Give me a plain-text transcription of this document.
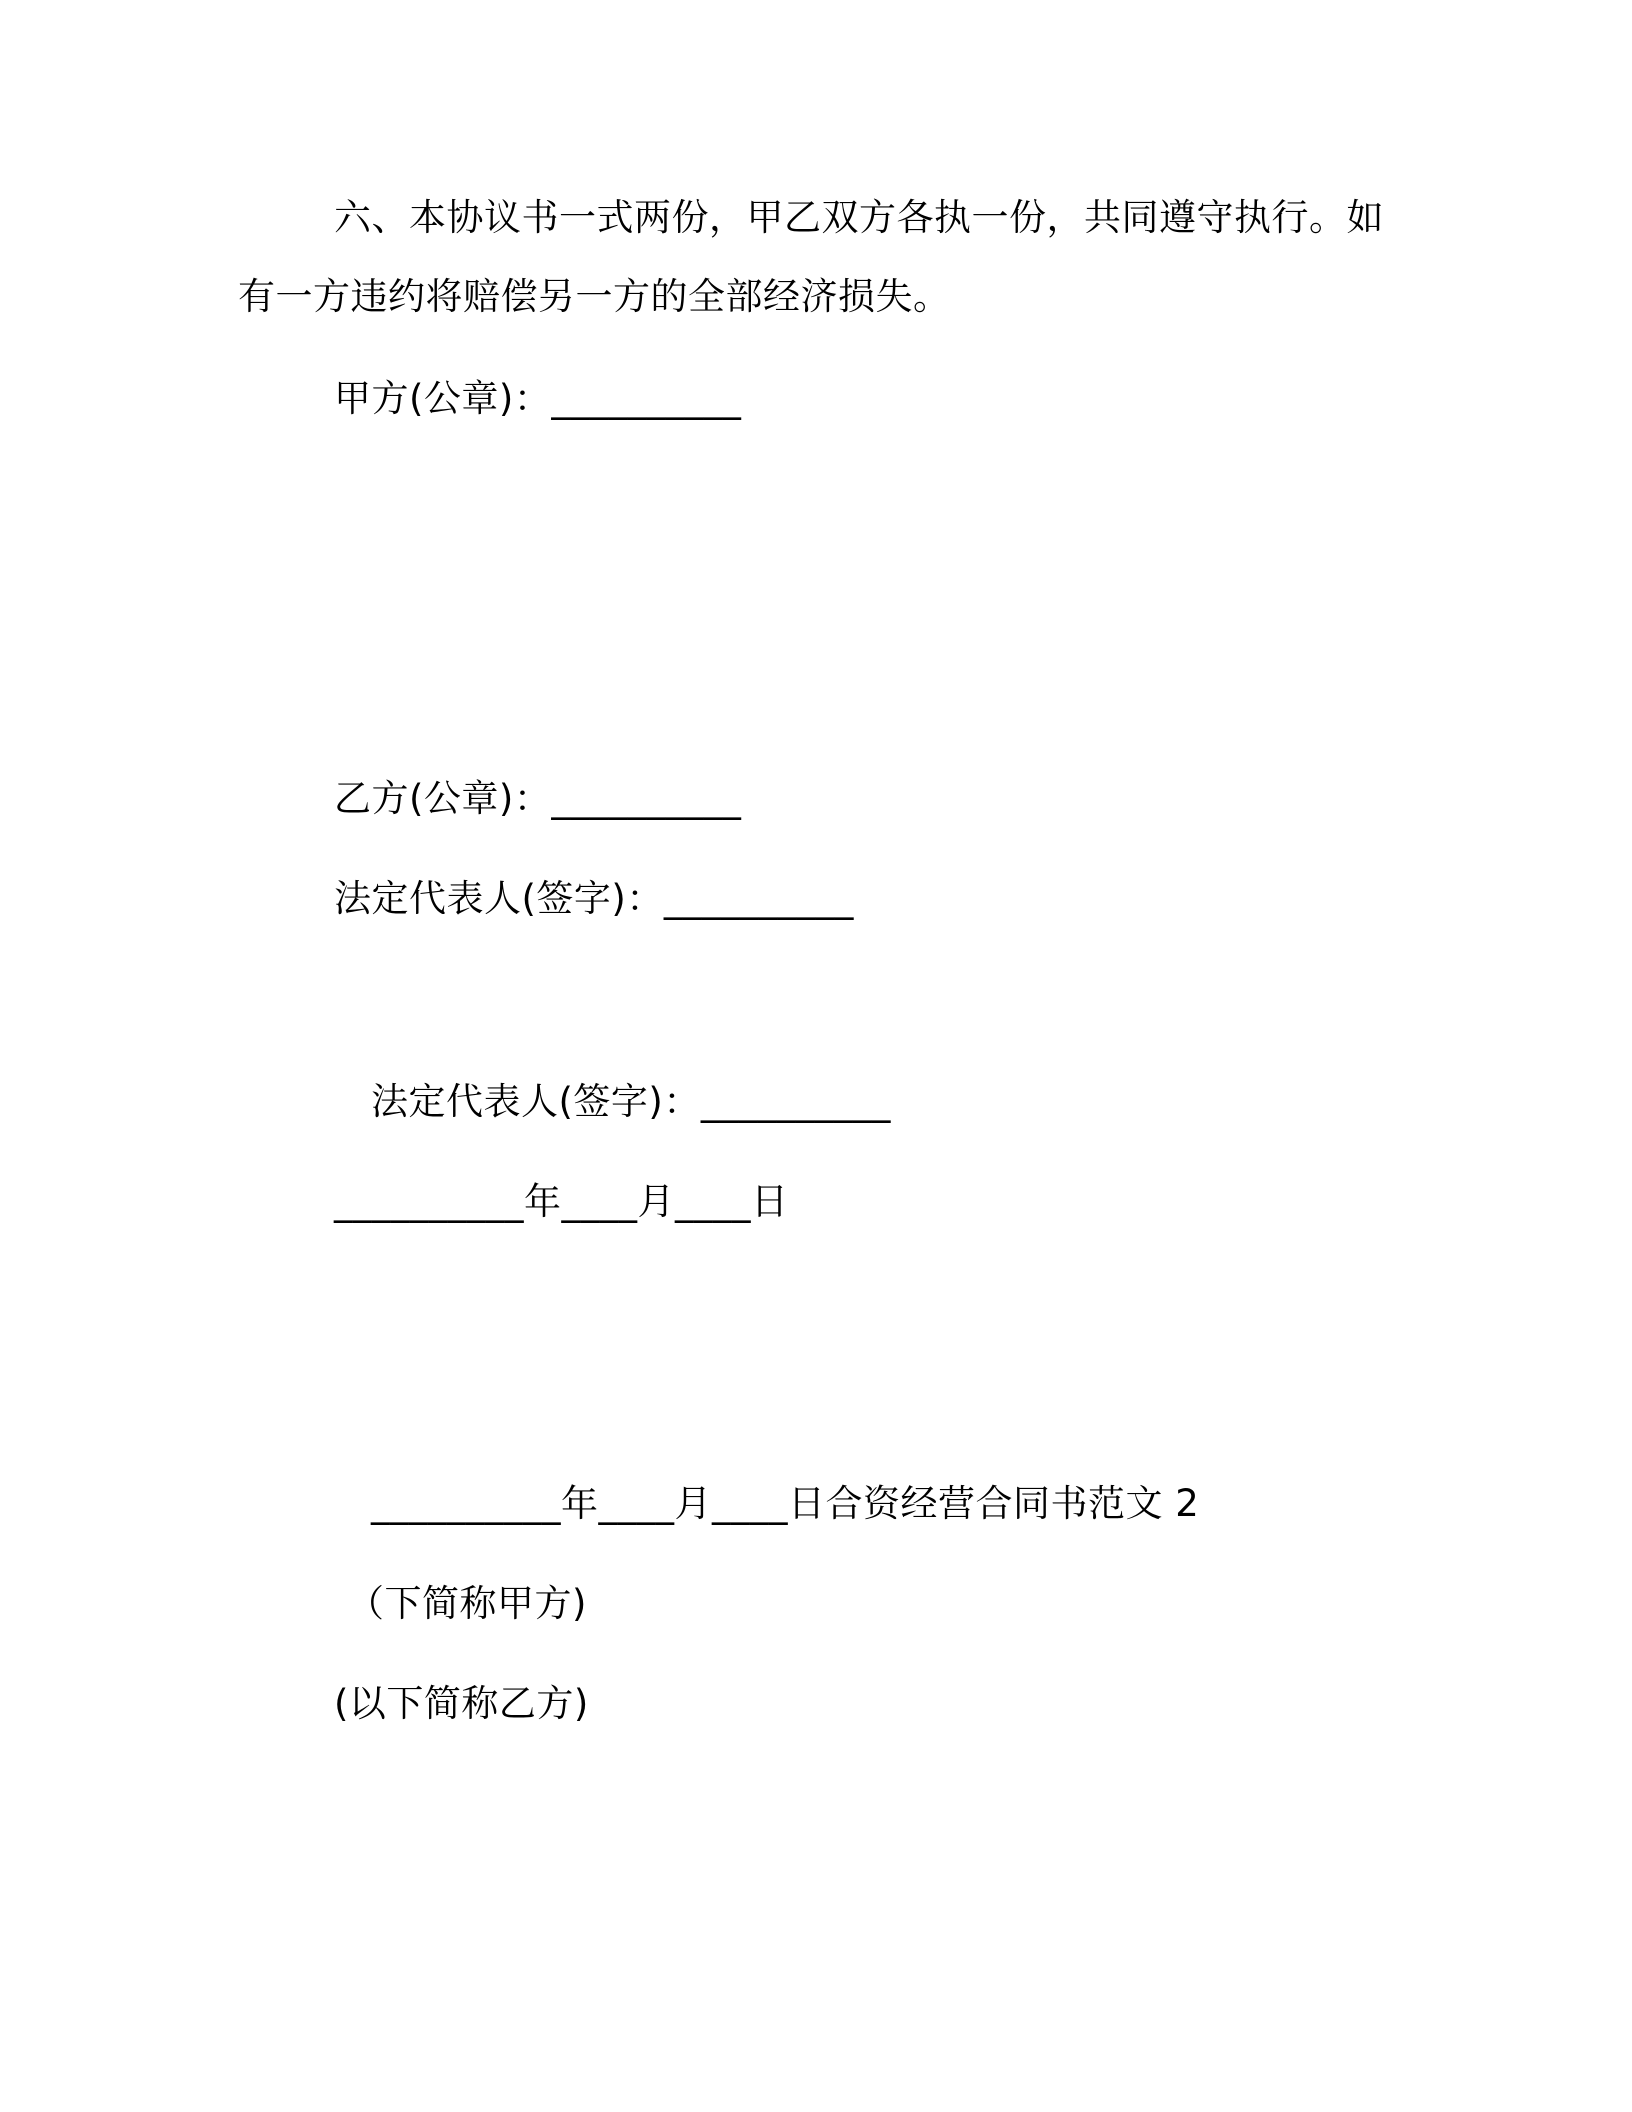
六、本协议书一式两份，甲乙双方各执一份，共同遵守执行。如
有一方违约将赔偿另一方的全部经济损失。
甲方(公章)：__________
乙方(公章)：__________
法定代表人(签字)：__________
法定代表人(签字)：__________
__________年____月____日
__________年____月____日合资经营合同书范文 2
（下简称甲方)
(以下简称乙方)
